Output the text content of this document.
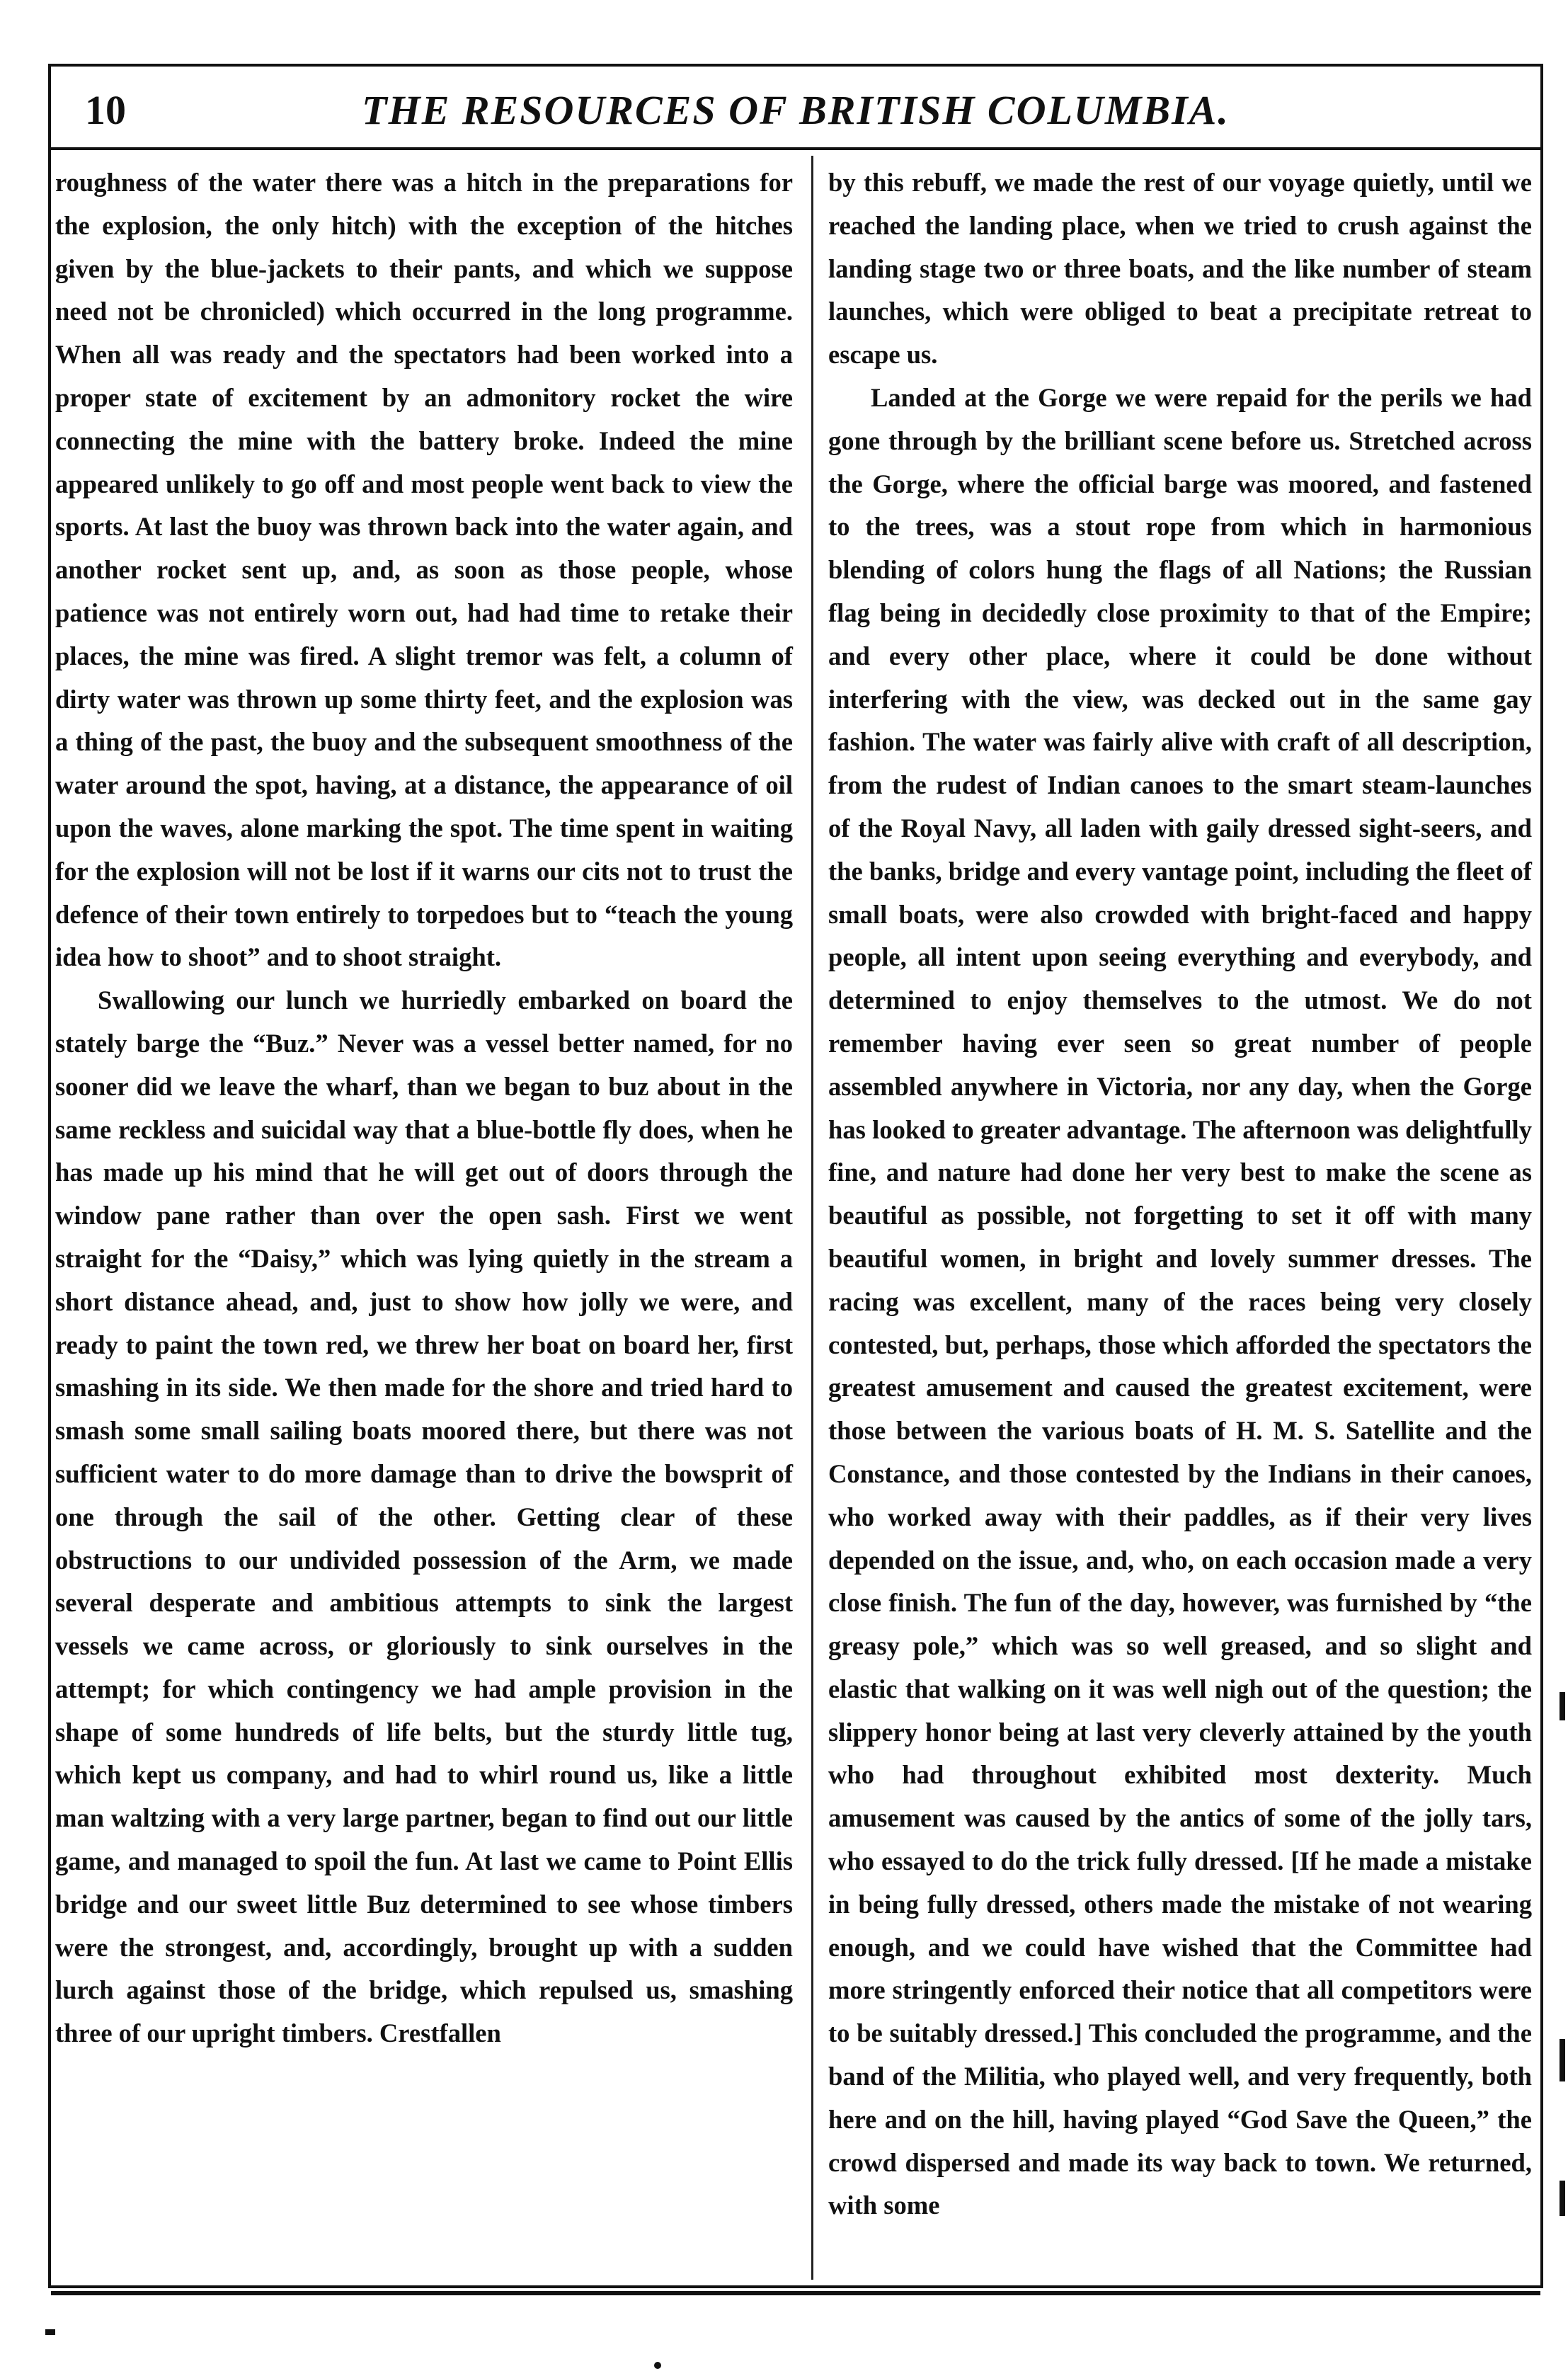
10	THE RESOURCES OF BRITISH COLUMBIA.

roughness of the water there was a hitch in the preparations for the explosion, the only hitch) with the exception of the hitches given by the blue-jackets to their pants, and which we suppose need not be chronicled) which occurred in the long programme. When all was ready and the spectators had been worked into a proper state of excitement by an admonitory rocket the wire connecting the mine with the battery broke. Indeed the mine appeared unlikely to go off and most people went back to view the sports. At last the buoy was thrown back into the water again, and another rocket sent up, and, as soon as those people, whose patience was not entirely worn out, had had time to retake their places, the mine was fired. A slight tremor was felt, a column of dirty water was thrown up some thirty feet, and the explosion was a thing of the past, the buoy and the subsequent smoothness of the water around the spot, having, at a distance, the appearance of oil upon the waves, alone marking the spot. The time spent in waiting for the explosion will not be lost if it warns our cits not to trust the defence of their town entirely to torpedoes but to “teach the young idea how to shoot” and to shoot straight.

Swallowing our lunch we hurriedly embarked on board the stately barge the “Buz.” Never was a vessel better named, for no sooner did we leave the wharf, than we began to buz about in the same reckless and suicidal way that a blue-bottle fly does, when he has made up his mind that he will get out of doors through the window pane rather than over the open sash. First we went straight for the “Daisy,” which was lying quietly in the stream a short distance ahead, and, just to show how jolly we were, and ready to paint the town red, we threw her boat on board her, first smashing in its side. We then made for the shore and tried hard to smash some small sailing boats moored there, but there was not sufficient water to do more damage than to drive the bowsprit of one through the sail of the other. Getting clear of these obstructions to our undivided possession of the Arm, we made several desperate and ambitious attempts to sink the largest vessels we came across, or gloriously to sink ourselves in the attempt; for which contingency we had ample provision in the shape of some hundreds of life belts, but the sturdy little tug, which kept us company, and had to whirl round us, like a little man waltzing with a very large partner, began to find out our little game, and managed to spoil the fun. At last we came to Point Ellis bridge and our sweet little Buz determined to see whose timbers were the strongest, and, accordingly, brought up with a sudden lurch against those of the bridge, which repulsed us, smashing three of our upright timbers. Crestfallen

by this rebuff, we made the rest of our voyage quietly, until we reached the landing place, when we tried to crush against the landing stage two or three boats, and the like number of steam launches, which were obliged to beat a precipitate retreat to escape us.

Landed at the Gorge we were repaid for the perils we had gone through by the brilliant scene before us. Stretched across the Gorge, where the official barge was moored, and fastened to the trees, was a stout rope from which in harmonious blending of colors hung the flags of all Nations; the Russian flag being in decidedly close proximity to that of the Empire; and every other place, where it could be done without interfering with the view, was decked out in the same gay fashion. The water was fairly alive with craft of all description, from the rudest of Indian canoes to the smart steam-launches of the Royal Navy, all laden with gaily dressed sight-seers, and the banks, bridge and every vantage point, including the fleet of small boats, were also crowded with bright-faced and happy people, all intent upon seeing everything and everybody, and determined to enjoy themselves to the utmost. We do not remember having ever seen so great number of people assembled anywhere in Victoria, nor any day, when the Gorge has looked to greater advantage. The afternoon was delightfully fine, and nature had done her very best to make the scene as beautiful as possible, not forgetting to set it off with many beautiful women, in bright and lovely summer dresses. The racing was excellent, many of the races being very closely contested, but, perhaps, those which afforded the spectators the greatest amusement and caused the greatest excitement, were those between the various boats of H. M. S. Satellite and the Constance, and those contested by the Indians in their canoes, who worked away with their paddles, as if their very lives depended on the issue, and, who, on each occasion made a very close finish. The fun of the day, however, was furnished by “the greasy pole,” which was so well greased, and so slight and elastic that walking on it was well nigh out of the question; the slippery honor being at last very cleverly attained by the youth who had throughout exhibited most dexterity. Much amusement was caused by the antics of some of the jolly tars, who essayed to do the trick fully dressed. [If he made a mistake in being fully dressed, others made the mistake of not wearing enough, and we could have wished that the Committee had more stringently enforced their notice that all competitors were to be suitably dressed.] This concluded the programme, and the band of the Militia, who played well, and very frequently, both here and on the hill, having played “God Save the Queen,” the crowd dispersed and made its way back to town. We returned, with some
